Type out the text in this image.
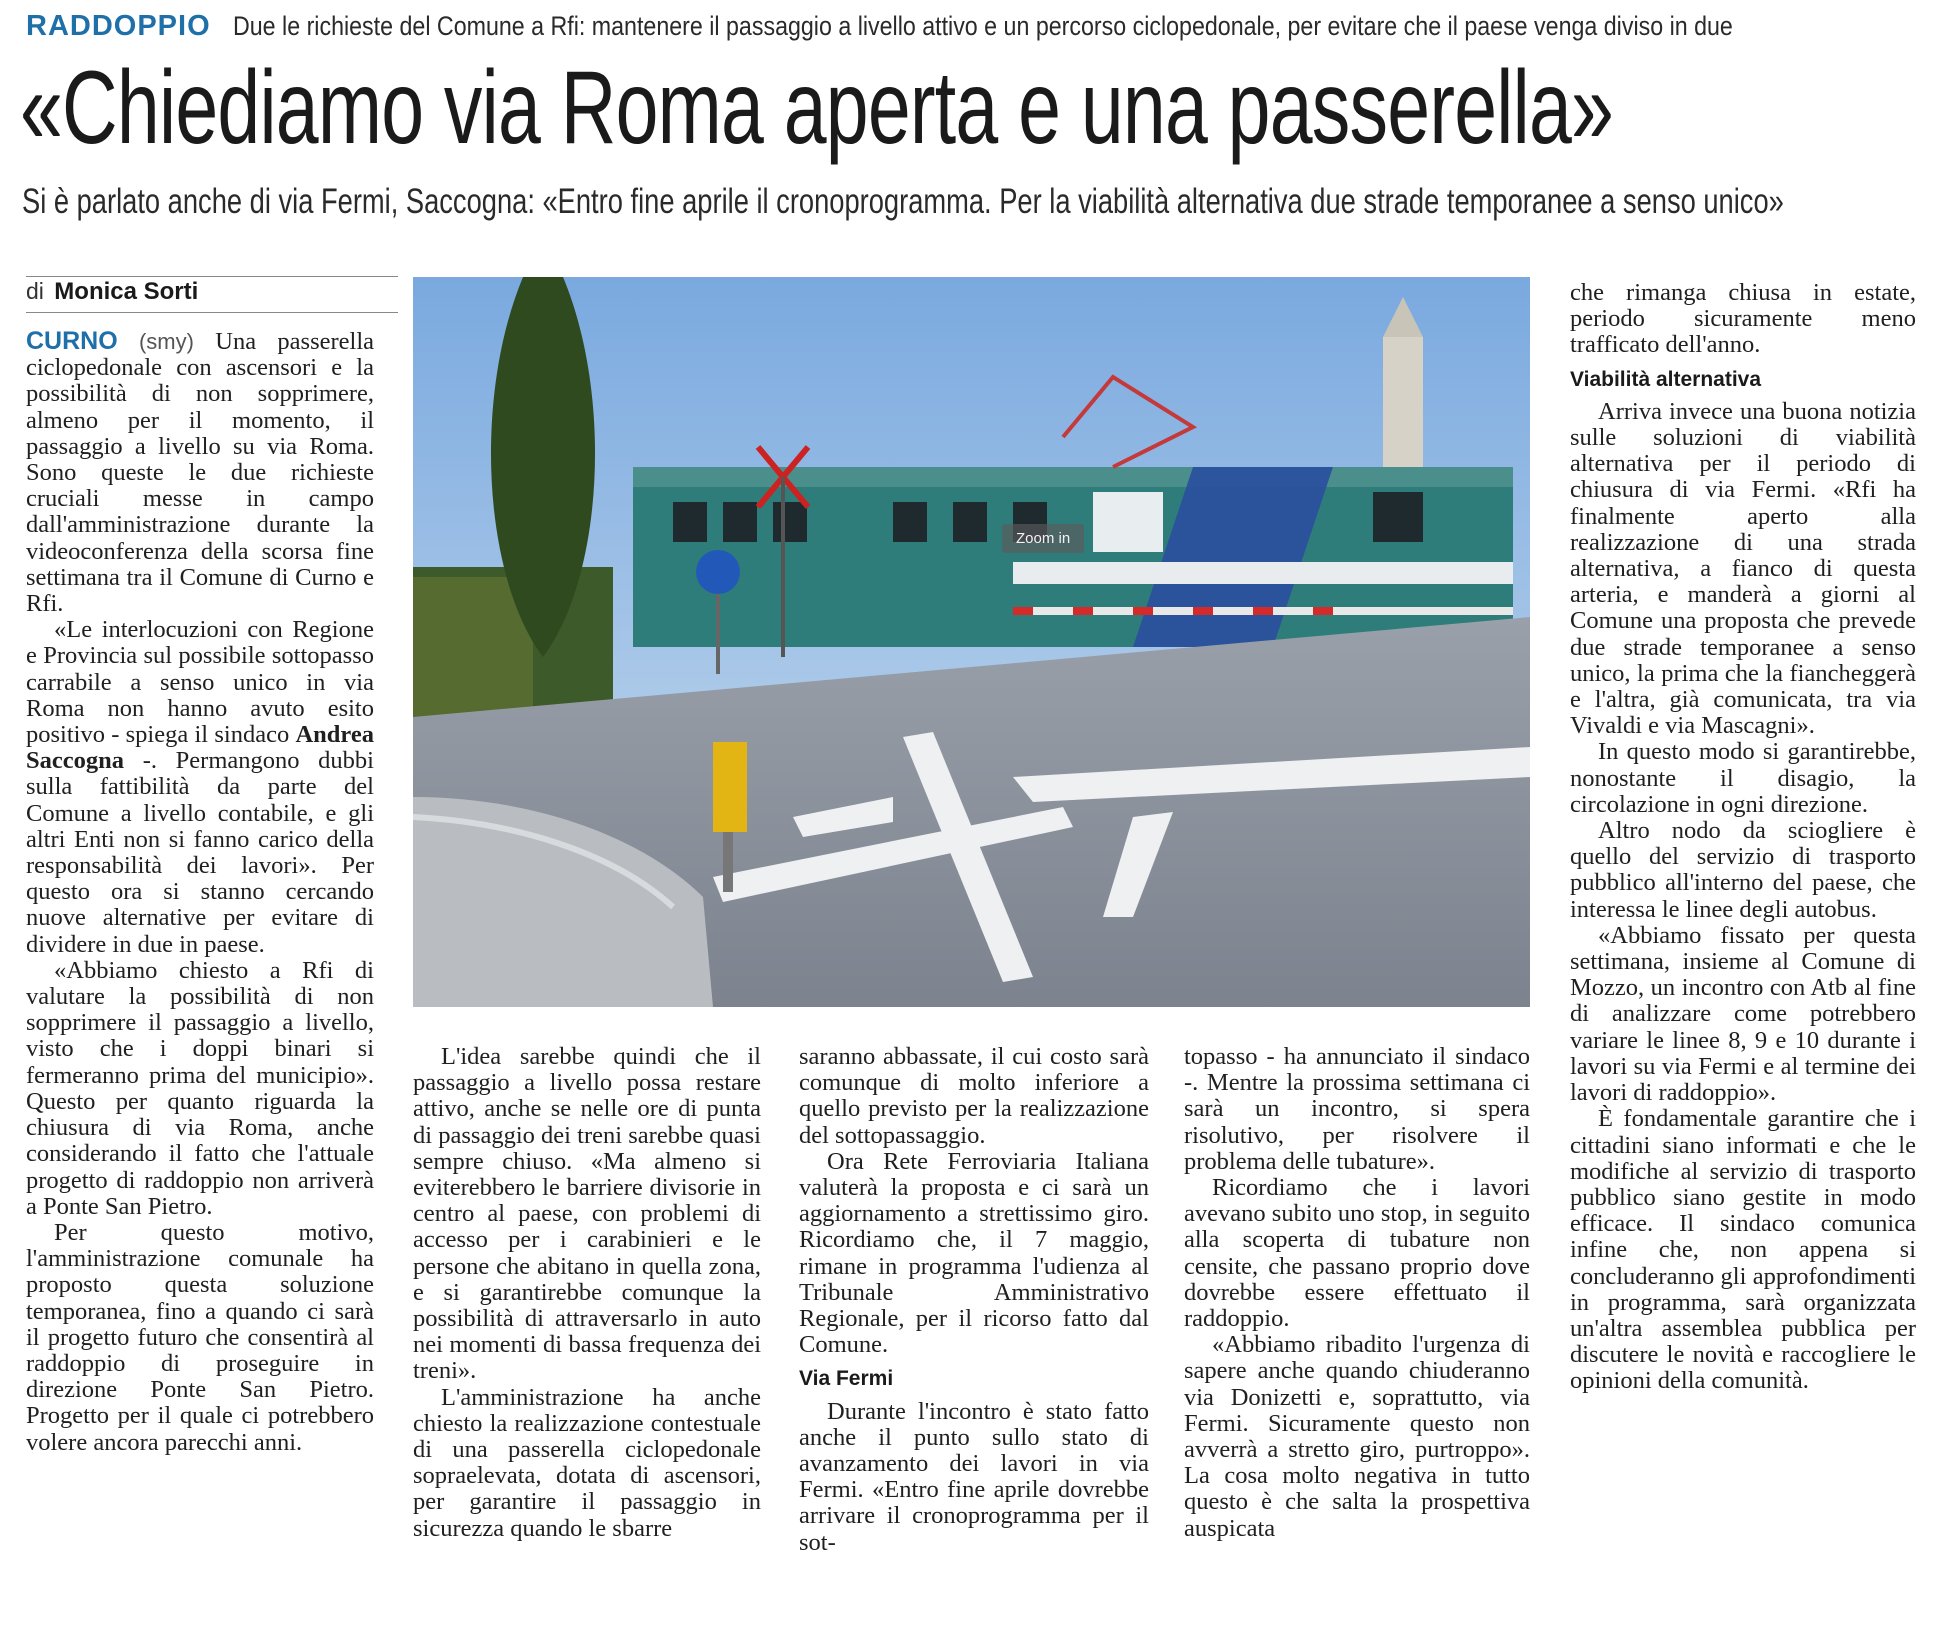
RADDOPPIO Due le richieste del Comune a Rfi: mantenere il passaggio a livello attivo e un percorso ciclopedonale, per evitare che il paese venga diviso in due
«Chiediamo via Roma aperta e una passerella»
Si è parlato anche di via Fermi, Saccogna: «Entro fine aprile il cronoprogramma. Per la viabilità alternativa due strade temporanee a senso unico»
di Monica Sorti

CURNO (smy) Una passerella ciclopedonale con ascensori e la possibilità di non sopprimere, almeno per il momento, il passaggio a livello su via Roma. Sono queste le due richieste cruciali messe in campo dall'amministrazione durante la videoconferenza della scorsa fine settimana tra il Comune di Curno e Rfi.

«Le interlocuzioni con Regione e Provincia sul possibile sottopasso carrabile a senso unico in via Roma non hanno avuto esito positivo - spiega il sindaco Andrea Saccogna -. Permangono dubbi sulla fattibilità da parte del Comune a livello contabile, e gli altri Enti non si fanno carico della responsabilità dei lavori». Per questo ora si stanno cercando nuove alternative per evitare di dividere in due in paese.

«Abbiamo chiesto a Rfi di valutare la possibilità di non sopprimere il passaggio a livello, visto che i doppi binari si fermeranno prima del municipio». Questo per quanto riguarda la chiusura di via Roma, anche considerando il fatto che l'attuale progetto di raddoppio non arriverà a Ponte San Pietro.

Per questo motivo, l'amministrazione comunale ha proposto questa soluzione temporanea, fino a quando ci sarà il progetto futuro che consentirà al raddoppio di proseguire in direzione Ponte San Pietro. Progetto per il quale ci potrebbero volere ancora parecchi anni.

Zoom in

L'idea sarebbe quindi che il passaggio a livello possa restare attivo, anche se nelle ore di punta di passaggio dei treni sarebbe quasi sempre chiuso. «Ma almeno si eviterebbero le barriere divisorie in centro al paese, con problemi di accesso per i carabinieri e le persone che abitano in quella zona, e si garantirebbe comunque la possibilità di attraversarlo in auto nei momenti di bassa frequenza dei treni».

L'amministrazione ha anche chiesto la realizzazione contestuale di una passerella ciclopedonale sopraelevata, dotata di ascensori, per garantire il passaggio in sicurezza quando le sbarre

saranno abbassate, il cui costo sarà comunque di molto inferiore a quello previsto per la realizzazione del sottopassaggio.

Ora Rete Ferroviaria Italiana valuterà la proposta e ci sarà un aggiornamento a strettissimo giro. Ricordiamo che, il 7 maggio, rimane in programma l'udienza al Tribunale Amministrativo Regionale, per il ricorso fatto dal Comune.

Via Fermi

Durante l'incontro è stato fatto anche il punto sullo stato di avanzamento dei lavori in via Fermi. «Entro fine aprile dovrebbe arrivare il cronoprogramma per il sot-

topasso - ha annunciato il sindaco -. Mentre la prossima settimana ci sarà un incontro, si spera risolutivo, per risolvere il problema delle tubature».

Ricordiamo che i lavori avevano subito uno stop, in seguito alla scoperta di tubature non censite, che passano proprio dove dovrebbe essere effettuato il raddoppio.

«Abbiamo ribadito l'urgenza di sapere anche quando chiuderanno via Donizetti e, soprattutto, via Fermi. Sicuramente questo non avverrà a stretto giro, purtroppo». La cosa molto negativa in tutto questo è che salta la prospettiva auspicata

che rimanga chiusa in estate, periodo sicuramente meno trafficato dell'anno.

Viabilità alternativa

Arriva invece una buona notizia sulle soluzioni di viabilità alternativa per il periodo di chiusura di via Fermi. «Rfi ha finalmente aperto alla realizzazione di una strada alternativa, a fianco di questa arteria, e manderà a giorni al Comune una proposta che prevede due strade temporanee a senso unico, la prima che la fiancheggerà e l'altra, già comunicata, tra via Vivaldi e via Mascagni».

In questo modo si garantirebbe, nonostante il disagio, la circolazione in ogni direzione.

Altro nodo da sciogliere è quello del servizio di trasporto pubblico all'interno del paese, che interessa le linee degli autobus.

«Abbiamo fissato per questa settimana, insieme al Comune di Mozzo, un incontro con Atb al fine di analizzare come potrebbero variare le linee 8, 9 e 10 durante i lavori su via Fermi e al termine dei lavori di raddoppio».

È fondamentale garantire che i cittadini siano informati e che le modifiche al servizio di trasporto pubblico siano gestite in modo efficace. Il sindaco comunica infine che, non appena si concluderanno gli approfondimenti in programma, sarà organizzata un'altra assemblea pubblica per discutere le novità e raccogliere le opinioni della comunità.
